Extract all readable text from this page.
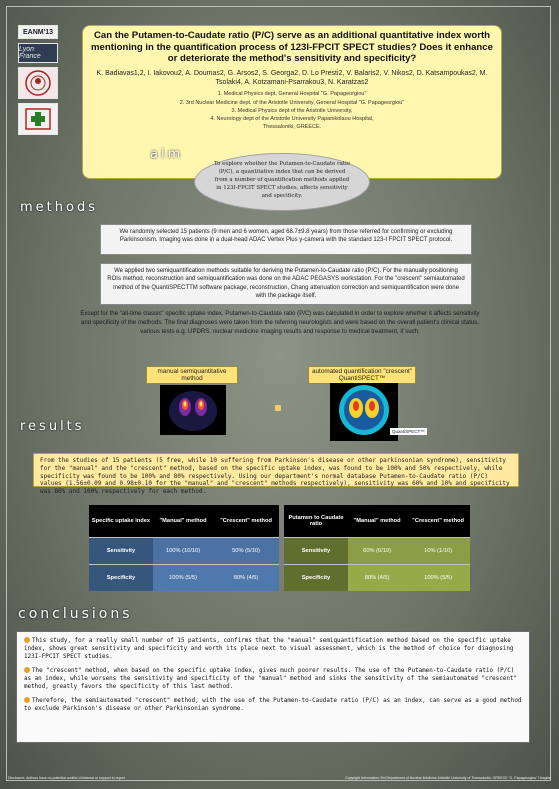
EANM'13
Lyon France
Can the Putamen-to-Caudate ratio (P/C) serve as an additional quantitative index worth mentioning in the quantification process of 123I-FPCIT SPECT studies? Does it enhance or deteriorate the method's sensitivity and specificity?
K. Badiavas1,2, I. Iakovou2, A. Doumas2, G. Arsos2, S. Georga2, D. Lo Presti2, V. Balaris2, V. Nikos2, D. Katsampoukas2, M. Tsolaki4, A. Kotzamani-Psarrakou3, N. Karatzas2
1. Medical Physics dept, General Hospital "G. Papageorgiou"
2. 3rd Nuclear Medicine dept. of the Aristotle University, General Hospital "G. Papageorgiou"
3. Medical Physics dept of the Aristotle University,
4. Neurology dept of the Aristotle University Papanikolaou Hospital,
Thessaloniki, GREECE.
aim
To explore whether the Putamen-to-Caudate ratio (P/C), a quantitative index that can be derived from a number of quantification methods applied in 123I-FPCIT SPECT studies, affects sensitivity and specificity.
methods
We randomly selected 15 patients (9 men and 6 women, aged 68.7±9.8 years) from those referred for confirming or excluding Parkinsonism. Imaging was done in a dual-head ADAC Vertex Plus γ-camera with the standard 123-I FPCIT SPECT protocol.
We applied two semiquantification methods suitable for deriving the Putamen-to-Caudate ratio (P/C). For the manually positioning ROIs method, reconstruction and semiquantification was done on the ADAC PEGASYS workstation. For the "crescent" semiautomated method of the QuantiSPECTTM software package, reconstruction, Chang attenuation correction and semiquantification were done with the package itself.
Except for the "all-time classic" specific uptake index, Putamen-to-Caudate ratio (P/C) was calculated in order to explore whether it affects sensitivity and specificity of the methods. The final diagnoses were taken from the referring neurologists and were based on the overall patient's clinical status, various tests e.g. UPDRS, nuclear medicine imaging results and response to medical treatment, if such.
manual semiquantitative method
automated quantification "crescent" QuantiSPECT™
QuantiSPECT™
results
From the studies of 15 patients (5 free, while 10 suffering from Parkinson's disease or other parkinsonian syndrome), sensitivity for the "manual" and the "crescent" method, based on the specific uptake index, was found to be 100% and 50% respectively, while specificity was found to be 100% and 80% respectively. Using our department's normal database Putamen-to-Caudate ratio (P/C) values (1.56±0.09 and 0.98±0.10 for the "manual" and "crescent" methods respectively), sensitivity was 60% and 10% and specificity was 80% and 100% respectively for each method.
Specific uptake index	"Manual" method	"Crescent" method
Sensitivity	100% (10/10)	50% (5/10)
Specificity	100% (5/5)	80% (4/5)
Putamen to Caudate ratio	"Manual" method	"Crescent" method
Sensitivity	60% (6/10)	10% (1/10)
Specificity	80% (4/5)	100% (5/5)
conclusions

This study, for a really small number of 15 patients, confirms that the "manual" semiquantification method based on the specific uptake index, shows great sensitivity and specificity and worth its place next to visual assessment, which is the method of choice for diagnosing 123I-FPCIT SPECT studies.

The "crescent" method, when based on the specific uptake index, gives much poorer results. The use of the Putamen-to-Caudate ratio (P/C) as an index, while worsens the sensitivity and specificity of the "manual" method and sinks the sensitivity of the semiautomated "crescent" method, greatly favors the specificity of this last method.

Therefore, the semiautomated "crescent" method, with the use of the Putamen-to-Caudate ratio (P/C) as an index, can serve as a good method to exclude Parkinson's disease or other Parkinsonian syndrome.

Disclosure: Authors have no potential conflict of interest or support to report	Copyright Information: 3rd Department of Nuclear Medicine Aristotle University of Thessaloniki, GREECE "G. Papageorgiou" Hospital
